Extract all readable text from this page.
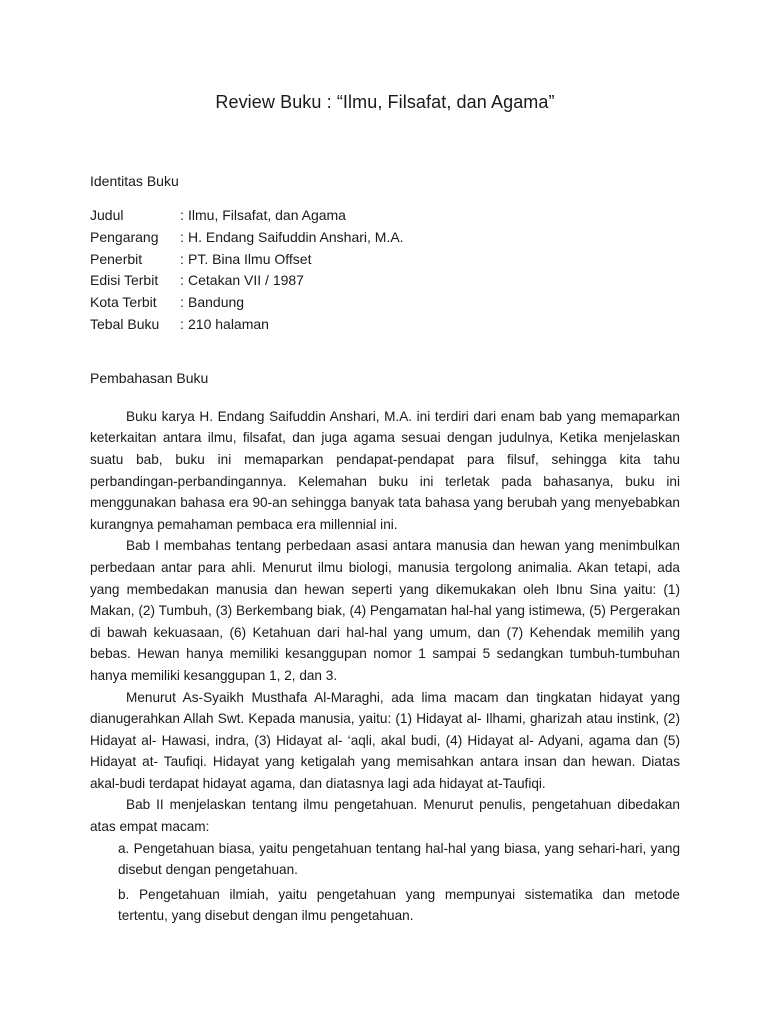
Review Buku : “Ilmu, Filsafat, dan Agama”
Identitas Buku
Judul	: Ilmu, Filsafat, dan Agama
Pengarang	: H. Endang Saifuddin Anshari, M.A.
Penerbit	: PT. Bina Ilmu Offset
Edisi Terbit	: Cetakan VII / 1987
Kota Terbit	: Bandung
Tebal Buku	: 210 halaman
Pembahasan Buku

Buku karya H. Endang Saifuddin Anshari, M.A. ini terdiri dari enam bab yang memaparkan keterkaitan antara ilmu, filsafat, dan juga agama sesuai dengan judulnya, Ketika menjelaskan suatu bab, buku ini memaparkan pendapat-pendapat para filsuf, sehingga kita tahu perbandingan-perbandingannya. Kelemahan buku ini terletak pada bahasanya, buku ini menggunakan bahasa era 90-an sehingga banyak tata bahasa yang berubah yang menyebabkan kurangnya pemahaman pembaca era millennial ini.

Bab I membahas tentang perbedaan asasi antara manusia dan hewan yang menimbulkan perbedaan antar para ahli. Menurut ilmu biologi, manusia tergolong animalia. Akan tetapi, ada yang membedakan manusia dan hewan seperti yang dikemukakan oleh Ibnu Sina yaitu: (1) Makan, (2) Tumbuh, (3) Berkembang biak, (4) Pengamatan hal-hal yang istimewa, (5) Pergerakan di bawah kekuasaan, (6) Ketahuan dari hal-hal yang umum, dan (7) Kehendak memilih yang bebas. Hewan hanya memiliki kesanggupan nomor 1 sampai 5 sedangkan tumbuh-tumbuhan hanya memiliki kesanggupan 1, 2, dan 3.

Menurut As-Syaikh Musthafa Al-Maraghi, ada lima macam dan tingkatan hidayat yang dianugerahkan Allah Swt. Kepada manusia, yaitu: (1) Hidayat al- Ilhami, gharizah atau instink, (2) Hidayat al- Hawasi, indra, (3) Hidayat al- ‘aqli, akal budi, (4) Hidayat al- Adyani, agama dan (5) Hidayat at- Taufiqi. Hidayat yang ketigalah yang memisahkan antara insan dan hewan. Diatas akal-budi terdapat hidayat agama, dan diatasnya lagi ada hidayat at-Taufiqi.

Bab II menjelaskan tentang ilmu pengetahuan. Menurut penulis, pengetahuan dibedakan atas empat macam:

a. Pengetahuan biasa, yaitu pengetahuan tentang hal-hal yang biasa, yang sehari-hari, yang disebut dengan pengetahuan.

b. Pengetahuan ilmiah, yaitu pengetahuan yang mempunyai sistematika dan metode tertentu, yang disebut dengan ilmu pengetahuan.
